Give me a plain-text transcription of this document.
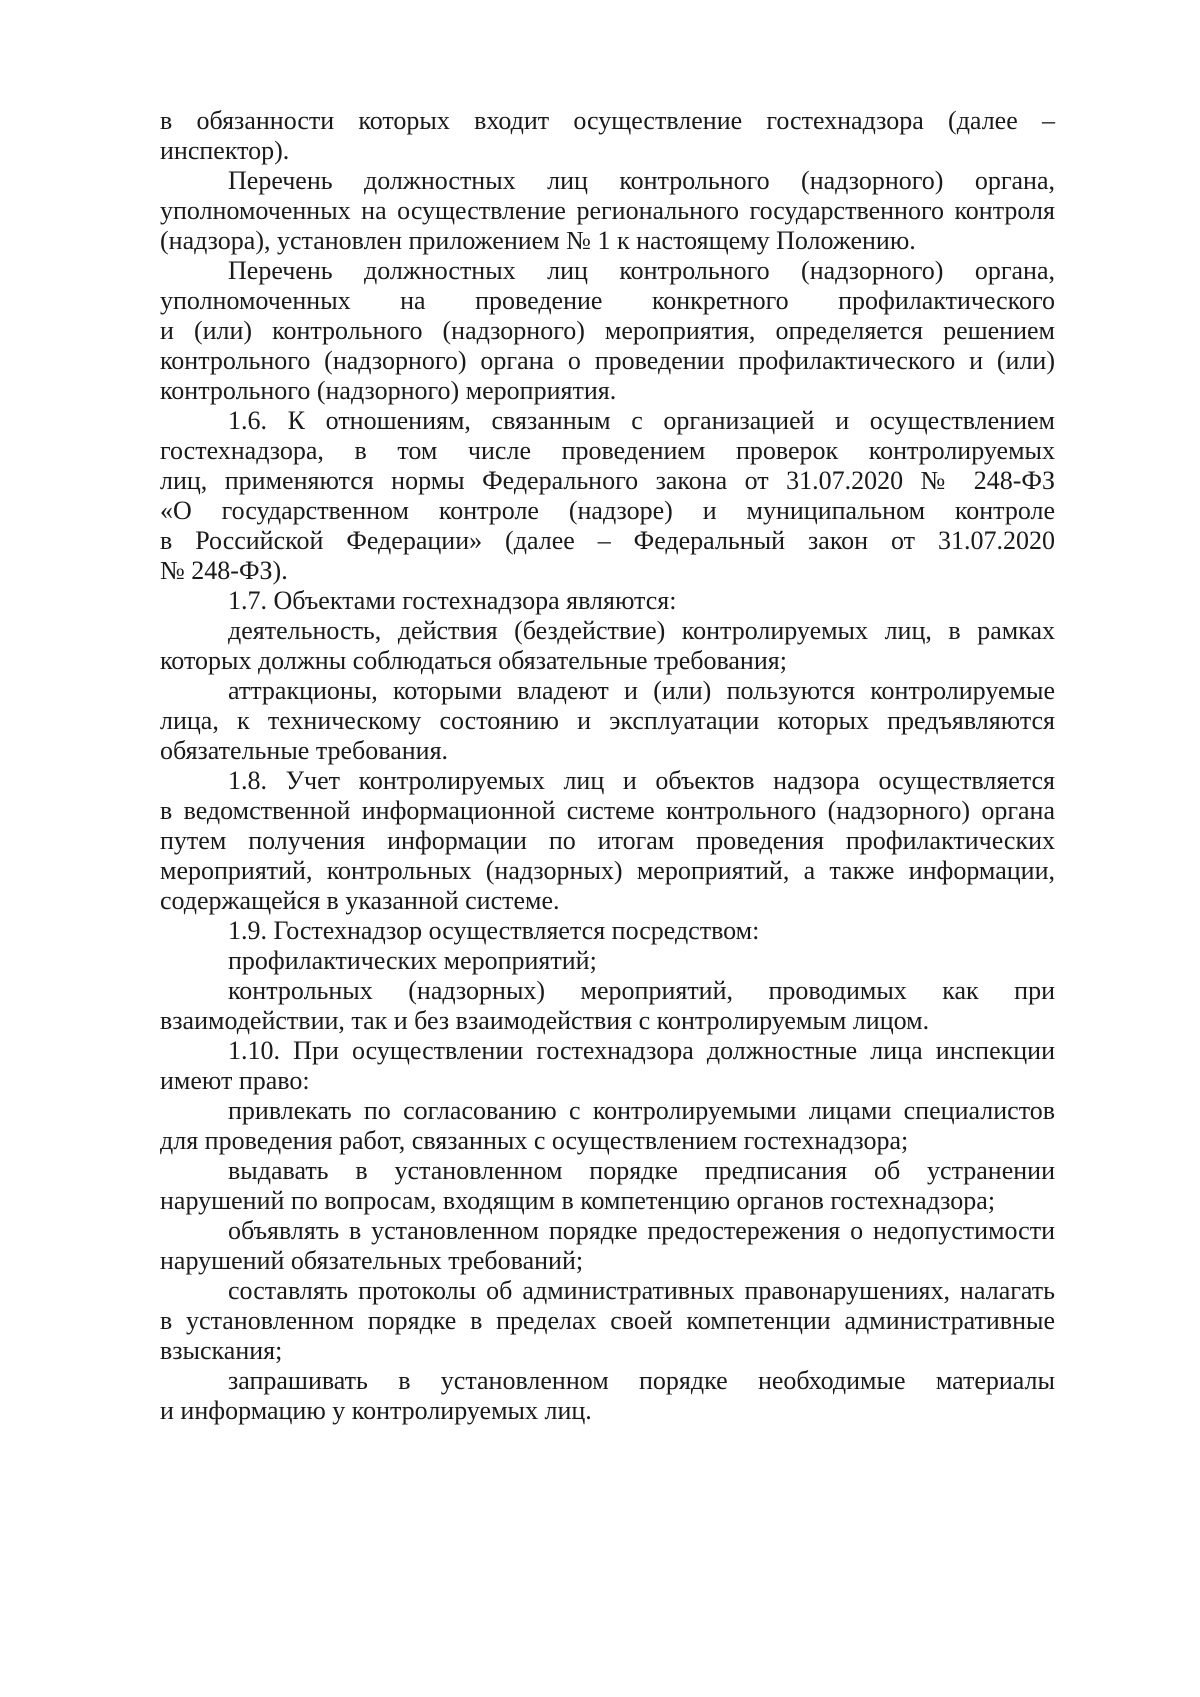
в обязанности которых входит осуществление гостехнадзора (далее –
инспектор).
Перечень должностных лиц контрольного (надзорного) органа,
уполномоченных на осуществление регионального государственного контроля
(надзора), установлен приложением № 1 к настоящему Положению.
Перечень должностных лиц контрольного (надзорного) органа,
уполномоченных на проведение конкретного профилактического
и (или) контрольного (надзорного) мероприятия, определяется решением
контрольного (надзорного) органа о проведении профилактического и (или)
контрольного (надзорного) мероприятия.
1.6. К отношениям, связанным с организацией и осуществлением
гостехнадзора, в том числе проведением проверок контролируемых
лиц, применяются нормы Федерального закона от 31.07.2020 № 248-ФЗ
«О государственном контроле (надзоре) и муниципальном контроле
в Российской Федерации» (далее – Федеральный закон от 31.07.2020
№ 248-ФЗ).
1.7. Объектами гостехнадзора являются:
деятельность, действия (бездействие) контролируемых лиц, в рамках
которых должны соблюдаться обязательные требования;
аттракционы, которыми владеют и (или) пользуются контролируемые
лица, к техническому состоянию и эксплуатации которых предъявляются
обязательные требования.
1.8. Учет контролируемых лиц и объектов надзора осуществляется
в ведомственной информационной системе контрольного (надзорного) органа
путем получения информации по итогам проведения профилактических
мероприятий, контрольных (надзорных) мероприятий, а также информации,
содержащейся в указанной системе.
1.9. Гостехнадзор осуществляется посредством:
профилактических мероприятий;
контрольных (надзорных) мероприятий, проводимых как при
взаимодействии, так и без взаимодействия с контролируемым лицом.
1.10. При осуществлении гостехнадзора должностные лица инспекции
имеют право:
привлекать по согласованию с контролируемыми лицами специалистов
для проведения работ, связанных с осуществлением гостехнадзора;
выдавать в установленном порядке предписания об устранении
нарушений по вопросам, входящим в компетенцию органов гостехнадзора;
объявлять в установленном порядке предостережения о недопустимости
нарушений обязательных требований;
составлять протоколы об административных правонарушениях, налагать
в установленном порядке в пределах своей компетенции административные
взыскания;
запрашивать в установленном порядке необходимые материалы
и информацию у контролируемых лиц.
